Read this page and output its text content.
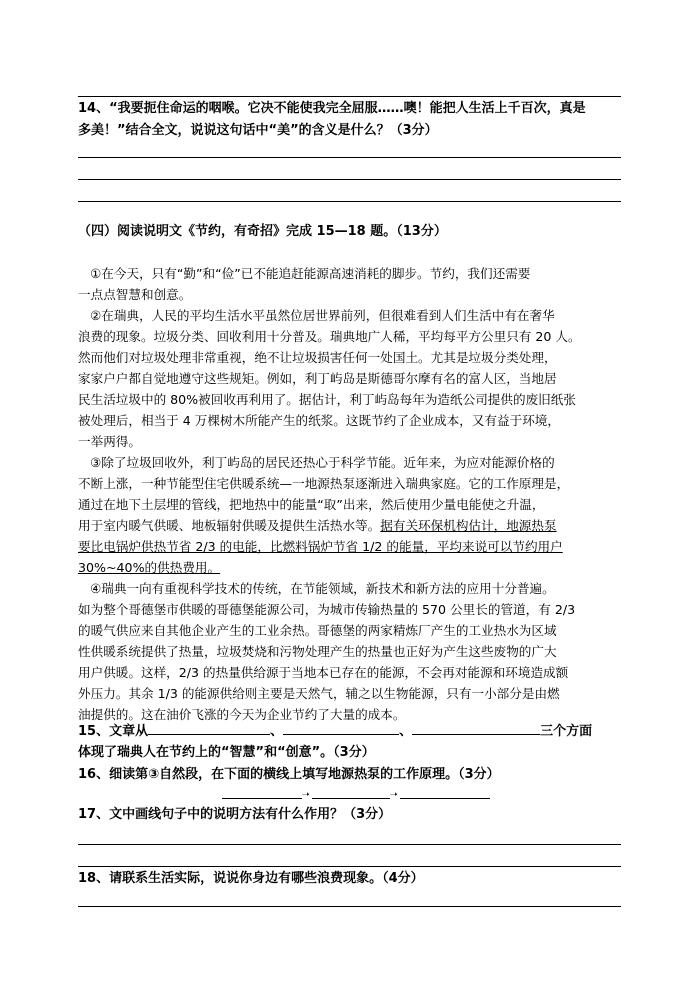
14、“我要扼住命运的咽喉。它决不能使我完全屈服……噢！能把人生活上千百次，真是
多美！”结合全文，说说这句话中“美”的含义是什么？（3分）
（四）阅读说明文《节约，有奇招》完成 15—18 题。（13分）
①在今天，只有“勤”和“俭”已不能追赶能源高速消耗的脚步。节约，我们还需要
一点点智慧和创意。
②在瑞典，人民的平均生活水平虽然位居世界前列，但很难看到人们生活中有在奢华
浪费的现象。垃圾分类、回收利用十分普及。瑞典地广人稀，平均每平方公里只有 20 人。
然而他们对垃圾处理非常重视，绝不让垃圾损害任何一处国土。尤其是垃圾分类处理，
家家户户都自觉地遵守这些规矩。例如，利丁屿岛是斯德哥尔摩有名的富人区，当地居
民生活垃圾中的 80%被回收再利用了。据估计，利丁屿岛每年为造纸公司提供的废旧纸张
被处理后，相当于 4 万棵树木所能产生的纸浆。这既节约了企业成本，又有益于环境，
一举两得。
③除了垃圾回收外，利丁屿岛的居民还热心于科学节能。近年来，为应对能源价格的
不断上涨，一种节能型住宅供暖系统—一地源热泵逐渐进入瑞典家庭。它的工作原理是，
通过在地下土层埋的管线，把地热中的能量“取”出来，然后使用少量电能使之升温，
用于室内暖气供暖、地板辐射供暖及提供生活热水等。据有关环保机构估计，地源热泵
要比电锅炉供热节省 2/3 的电能，比燃料锅炉节省 1/2 的能量，平均来说可以节约用户
30%~40%的供热费用。
④瑞典一向有重视科学技术的传统，在节能领域，新技术和新方法的应用十分普遍。
如为整个哥德堡市供暖的哥德堡能源公司，为城市传输热量的 570 公里长的管道，有 2/3
的暖气供应来自其他企业产生的工业余热。哥德堡的两家精炼厂产生的工业热水为区域
性供暖系统提供了热量，垃圾焚烧和污物处理产生的热量也正好为产生这些废物的广大
用户供暖。这样，2/3 的热量供给源于当地本已存在的能源，不会再对能源和环境造成额
外压力。其余 1/3 的能源供给则主要是天然气，辅之以生物能源，只有一小部分是由燃
油提供的。这在油价飞涨的今天为企业节约了大量的成本。
15、文章从	、	、	三个方面
体现了瑞典人在节约上的“智慧”和“创意”。（3分）
16、细读第③自然段，在下面的横线上填写地源热泵的工作原理。（3分）
➝	➝
17、文中画线句子中的说明方法有什么作用？（3分）
18、请联系生活实际，说说你身边有哪些浪费现象。（4分）
